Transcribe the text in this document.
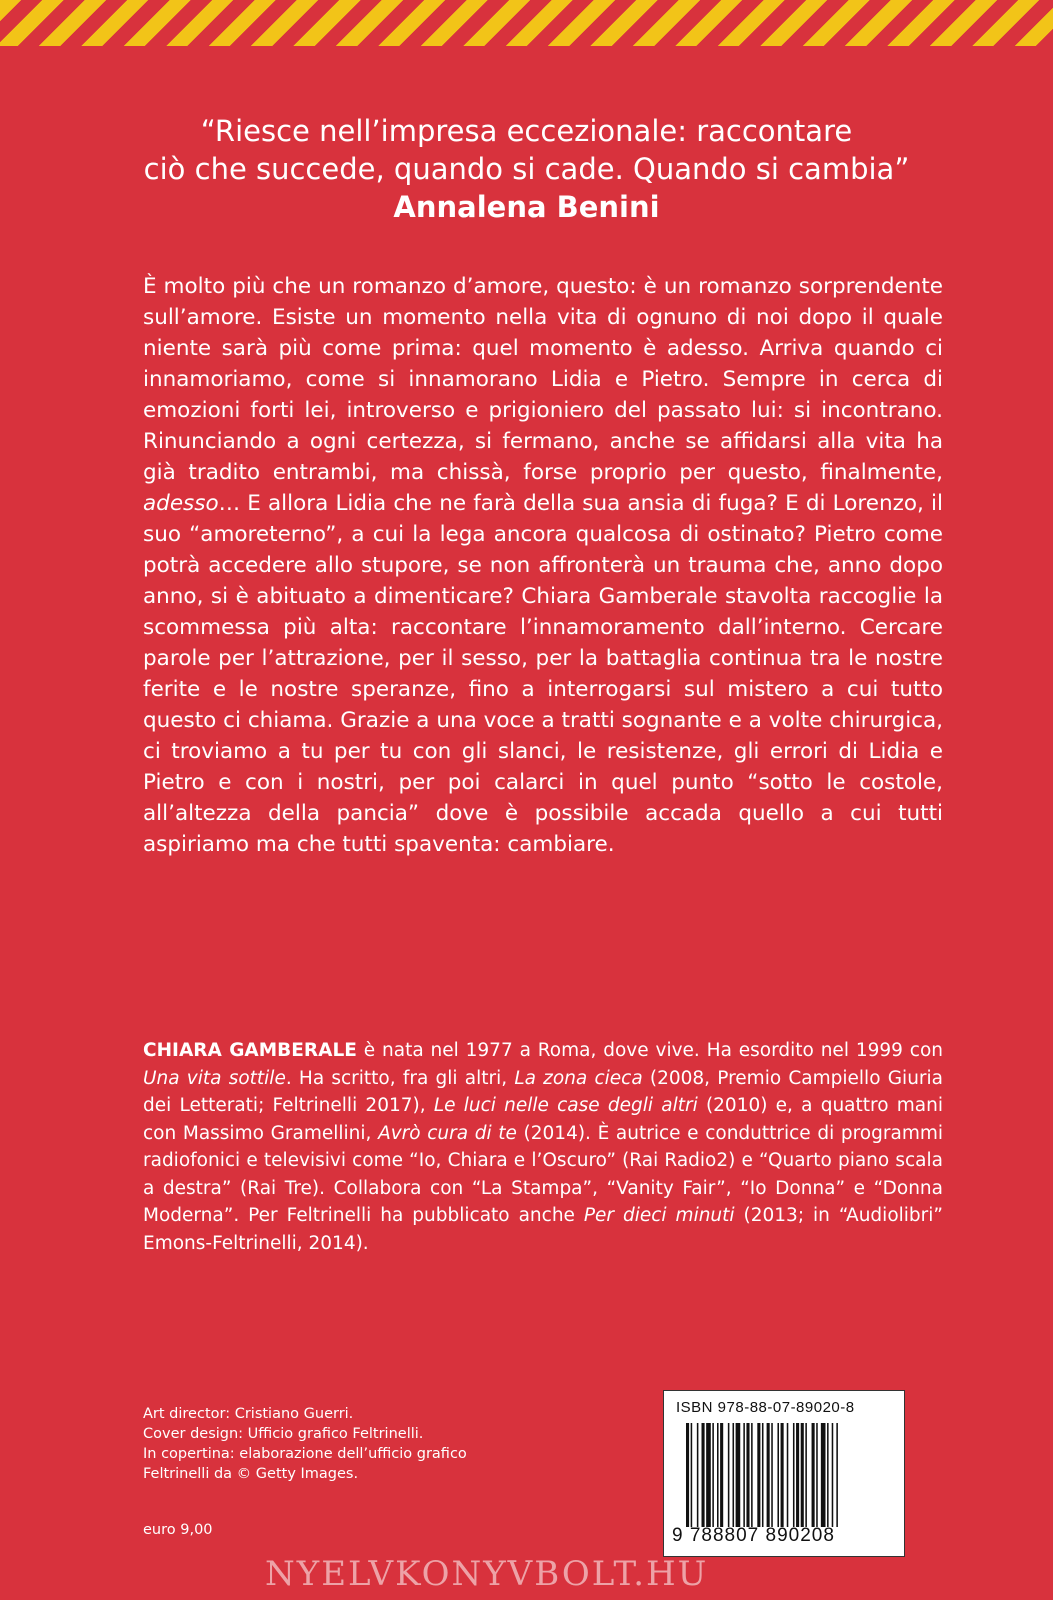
“Riesce nell’impresa eccezionale: raccontare
ciò che succede, quando si cade. Quando si cambia”
Annalena Benini
È molto più che un romanzo d’amore, questo: è un romanzo sorprendente sull’amore. Esiste un momento nella vita di ognuno di noi dopo il quale niente sarà più come prima: quel momento è adesso. Arriva quando ci innamoriamo, come si innamorano Lidia e Pietro. Sempre in cerca di emozioni forti lei, introverso e prigioniero del passato lui: si incontrano. Rinunciando a ogni certezza, si fermano, anche se affidarsi alla vita ha già tradito entrambi, ma chissà, forse proprio per questo, finalmente, adesso… E allora Lidia che ne farà della sua ansia di fuga? E di Lorenzo, il suo “amoreterno”, a cui la lega ancora qualcosa di ostinato? Pietro come potrà accedere allo stupore, se non affronterà un trauma che, anno dopo anno, si è abituato a dimenticare? Chiara Gamberale stavolta raccoglie la scommessa più alta: raccontare l’innamoramento dall’interno. Cercare parole per l’attrazione, per il sesso, per la battaglia continua tra le nostre ferite e le nostre speranze, fino a interrogarsi sul mistero a cui tutto questo ci chiama. Grazie a una voce a tratti sognante e a volte chirurgica, ci troviamo a tu per tu con gli slanci, le resistenze, gli errori di Lidia e Pietro e con i nostri, per poi calarci in quel punto “sotto le costole, all’altezza della pancia” dove è possibile accada quello a cui tutti aspiriamo ma che tutti spaventa: cambiare.
CHIARA GAMBERALE è nata nel 1977 a Roma, dove vive. Ha esordito nel 1999 con Una vita sottile. Ha scritto, fra gli altri, La zona cieca (2008, Premio Campiello Giuria dei Letterati; Feltrinelli 2017), Le luci nelle case degli altri (2010) e, a quattro mani con Massimo Gramellini, Avrò cura di te (2014). È autrice e conduttrice di programmi radiofonici e televisivi come “Io, Chiara e l’Oscuro” (Rai Radio2) e “Quarto piano scala a destra” (Rai Tre). Collabora con “La Stampa”, “Vanity Fair”, “Io Donna” e “Donna Moderna”. Per Feltrinelli ha pubblicato anche Per dieci minuti (2013; in “Audiolibri” Emons-Feltrinelli, 2014).
Art director: Cristiano Guerri.
Cover design: Ufficio grafico Feltrinelli.
In copertina: elaborazione dell’ufficio grafico
Feltrinelli da © Getty Images.
euro 9,00
ISBN 978-88-07-89020-8
9 788807 890208
NYELVKONYVBOLT.HU
